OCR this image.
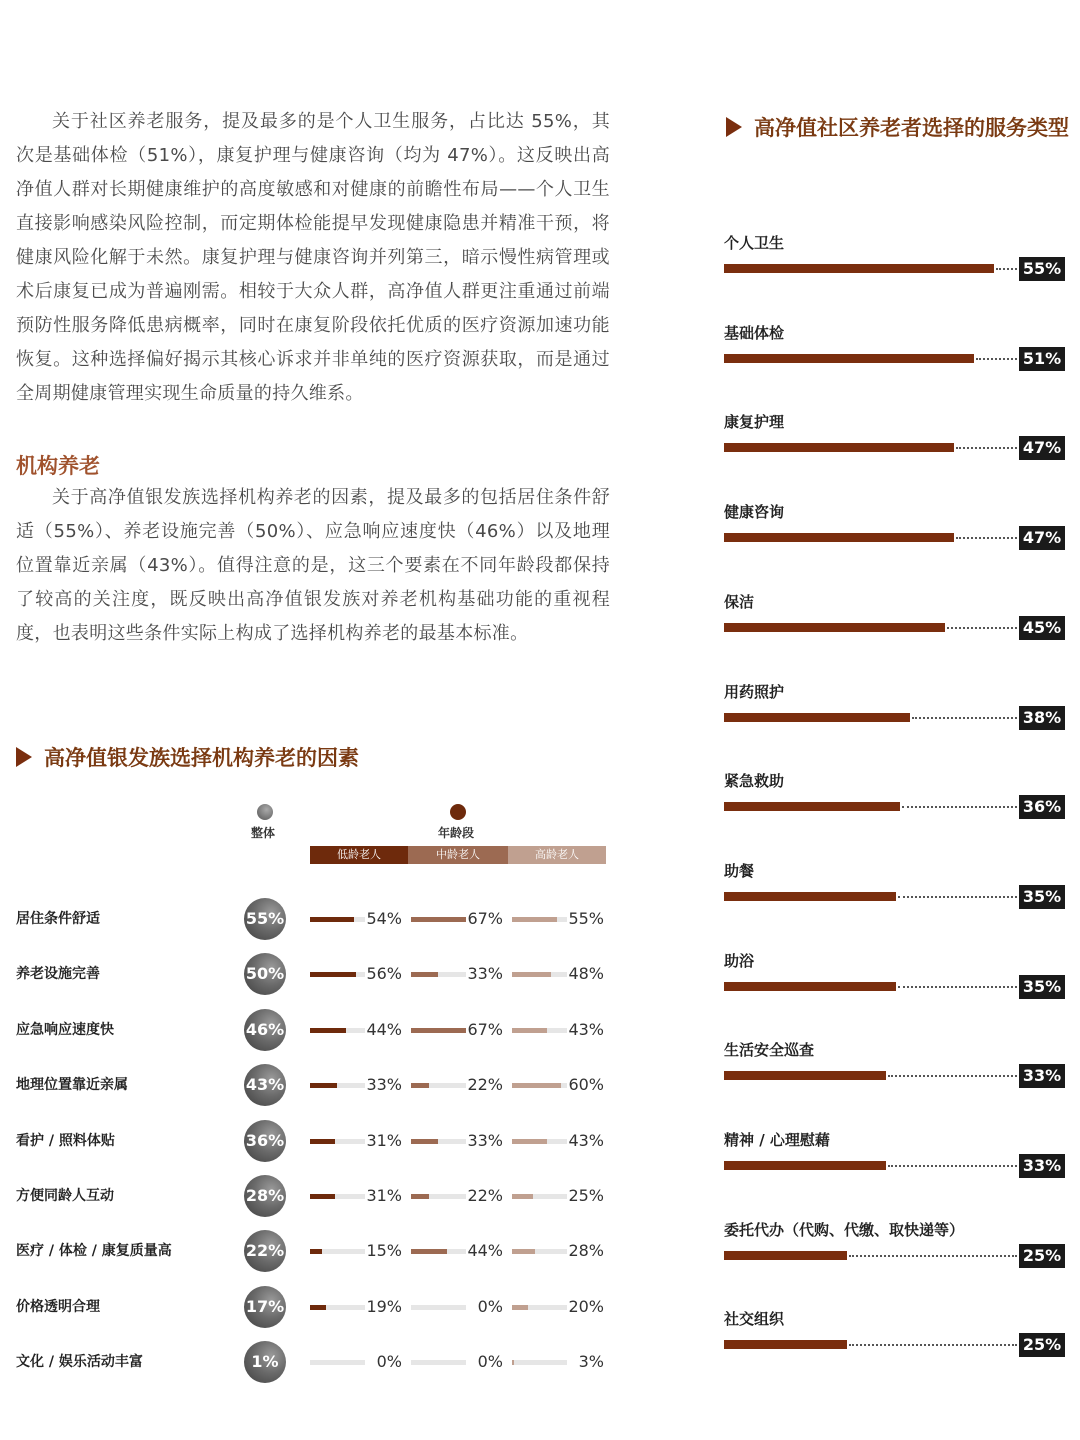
关于社区养老服务，提及最多的是个人卫生服务，占比达 55%，其次是基础体检（51%），康复护理与健康咨询（均为 47%）。这反映出高净值人群对长期健康维护的高度敏感和对健康的前瞻性布局——个人卫生直接影响感染风险控制，而定期体检能提早发现健康隐患并精准干预，将健康风险化解于未然。康复护理与健康咨询并列第三，暗示慢性病管理或术后康复已成为普遍刚需。相较于大众人群，高净值人群更注重通过前端预防性服务降低患病概率，同时在康复阶段依托优质的医疗资源加速功能恢复。这种选择偏好揭示其核心诉求并非单纯的医疗资源获取，而是通过全周期健康管理实现生命质量的持久维系。

机构养老

关于高净值银发族选择机构养老的因素，提及最多的包括居住条件舒适（55%）、养老设施完善（50%）、应急响应速度快（46%）以及地理位置靠近亲属（43%）。值得注意的是，这三个要素在不同年龄段都保持了较高的关注度，既反映出高净值银发族对养老机构基础功能的重视程度，也表明这些条件实际上构成了选择机构养老的最基本标准。

高净值银发族选择机构养老的因素
整体	年龄段
低龄老人	中龄老人	高龄老人
居住条件舒适	55%	54%	67%	55%
养老设施完善	50%	56%	33%	48%
应急响应速度快	46%	44%	67%	43%
地理位置靠近亲属	43%	33%	22%	60%
看护 / 照料体贴	36%	31%	33%	43%
方便同龄人互动	28%	31%	22%	25%
医疗 / 体检 / 康复质量高	22%	15%	44%	28%
价格透明合理	17%	19%	0%	20%
文化 / 娱乐活动丰富	1%	0%	0%	3%
高净值社区养老者选择的服务类型
个人卫生
55%
基础体检
51%
康复护理
47%
健康咨询
47%
保洁
45%
用药照护
38%
紧急救助
36%
助餐
35%
助浴
35%
生活安全巡查
33%
精神 / 心理慰藉
33%
委托代办（代购、代缴、取快递等）
25%
社交组织
25%
